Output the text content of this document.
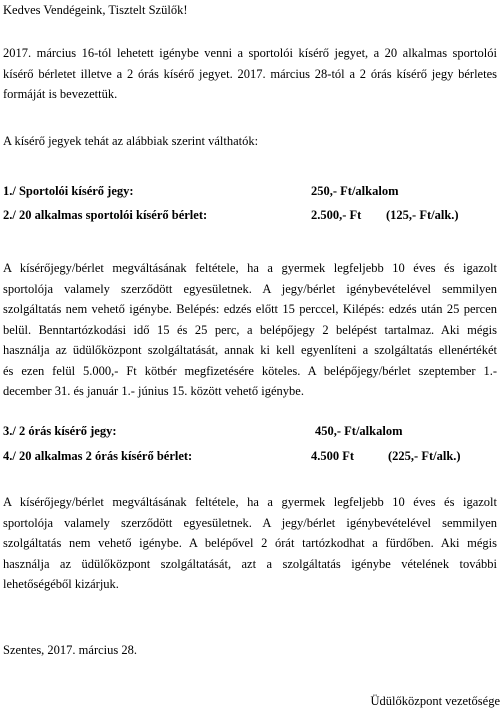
Kedves Vendégeink, Tisztelt Szülők!
2017. március 16-tól lehetett igénybe venni a sportolói kísérő jegyet, a 20 alkalmas sportolói
kísérő bérletet illetve a 2 órás kísérő jegyet. 2017. március 28-tól a 2 órás kísérő jegy bérletes
formáját is bevezettük.
A kísérő jegyek tehát az alábbiak szerint válthatók:
1./ Sportolói kísérő jegy:	250,- Ft/alkalom
2./ 20 alkalmas sportolói kísérő bérlet:	2.500,- Ft (125,- Ft/alk.)
A kísérőjegy/bérlet megváltásának feltétele, ha a gyermek legfeljebb 10 éves és igazolt
sportolója valamely szerződött egyesületnek. A jegy/bérlet igénybevételével semmilyen
szolgáltatás nem vehető igénybe. Belépés: edzés előtt 15 perccel, Kilépés: edzés után 25 percen
belül. Benntartózkodási idő 15 és 25 perc, a belépőjegy 2 belépést tartalmaz. Aki mégis
használja az üdülőközpont szolgáltatását, annak ki kell egyenlíteni a szolgáltatás ellenértékét
és ezen felül 5.000,- Ft kötbér megfizetésére köteles. A belépőjegy/bérlet szeptember 1.-
december 31. és január 1.- június 15. között vehető igénybe.
3./ 2 órás kísérő jegy:	450,- Ft/alkalom
4./ 20 alkalmas 2 órás kísérő bérlet:	4.500 Ft	(225,- Ft/alk.)
A kísérőjegy/bérlet megváltásának feltétele, ha a gyermek legfeljebb 10 éves és igazolt
sportolója valamely szerződött egyesületnek. A jegy/bérlet igénybevételével semmilyen
szolgáltatás nem vehető igénybe. A belépővel 2 órát tartózkodhat a fürdőben. Aki mégis
használja az üdülőközpont szolgáltatását, azt a szolgáltatás igénybe vételének további
lehetőségéből kizárjuk.
Szentes, 2017. március 28.
Üdülőközpont vezetősége
